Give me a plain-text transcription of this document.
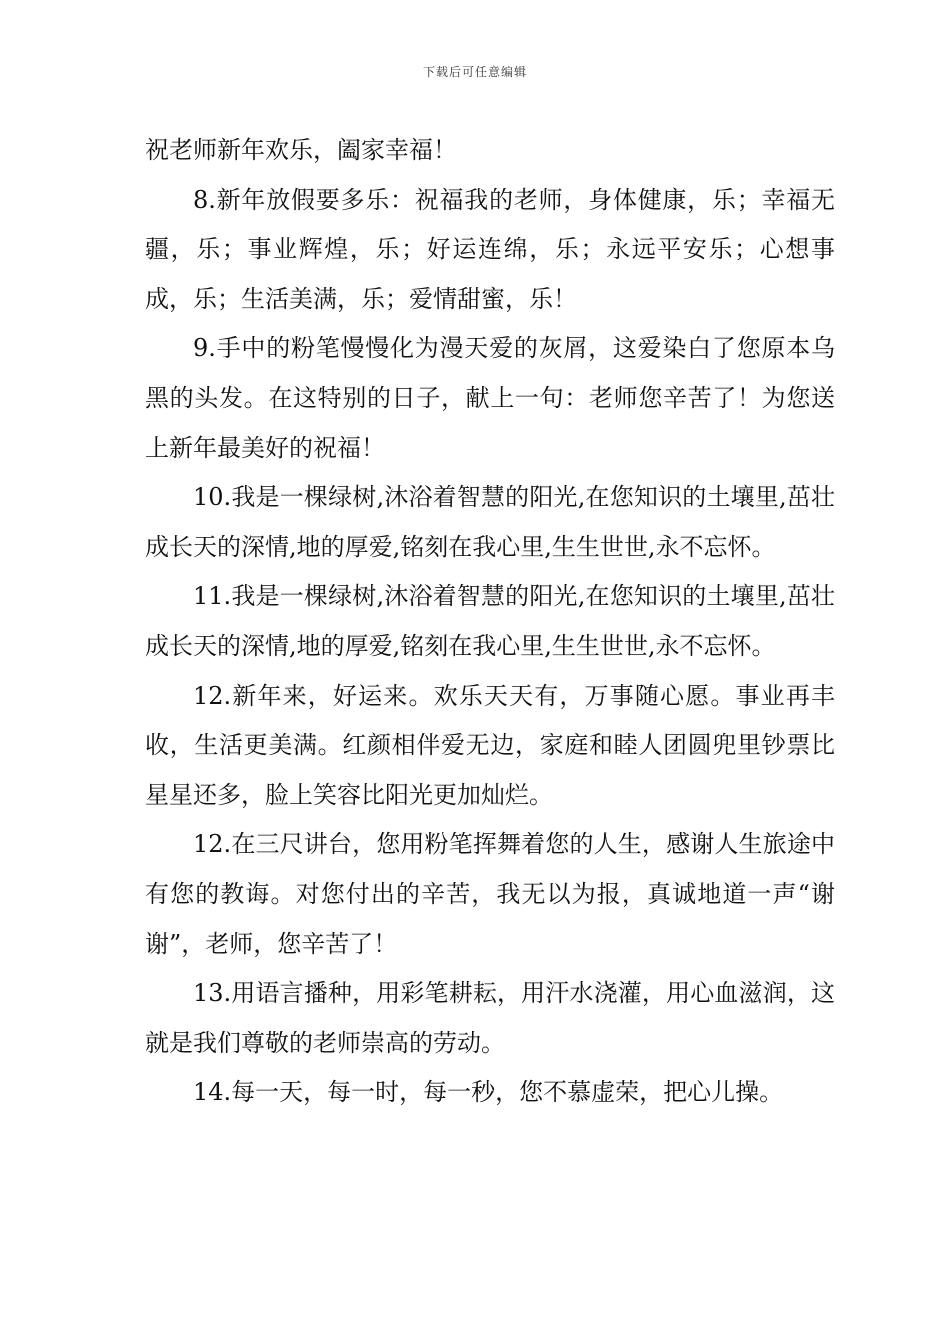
下载后可任意编辑

祝老师新年欢乐，阖家幸福！

8.新年放假要多乐：祝福我的老师，身体健康，乐；幸福无疆，乐；事业辉煌，乐；好运连绵，乐；永远平安乐；心想事成，乐；生活美满，乐；爱情甜蜜，乐！

9.手中的粉笔慢慢化为漫天爱的灰屑，这爱染白了您原本乌黑的头发。在这特别的日子，献上一句：老师您辛苦了！为您送上新年最美好的祝福！

10.我是一棵绿树,沐浴着智慧的阳光,在您知识的土壤里,茁壮成长天的深情,地的厚爱,铭刻在我心里,生生世世,永不忘怀。

11.我是一棵绿树,沐浴着智慧的阳光,在您知识的土壤里,茁壮成长天的深情,地的厚爱,铭刻在我心里,生生世世,永不忘怀。

12.新年来，好运来。欢乐天天有，万事随心愿。事业再丰收，生活更美满。红颜相伴爱无边，家庭和睦人团圆兜里钞票比星星还多，脸上笑容比阳光更加灿烂。

12.在三尺讲台，您用粉笔挥舞着您的人生，感谢人生旅途中有您的教诲。对您付出的辛苦，我无以为报，真诚地道一声“谢谢”，老师，您辛苦了！

13.用语言播种，用彩笔耕耘，用汗水浇灌，用心血滋润，这就是我们尊敬的老师崇高的劳动。

14.每一天，每一时，每一秒，您不慕虚荣，把心儿操。
